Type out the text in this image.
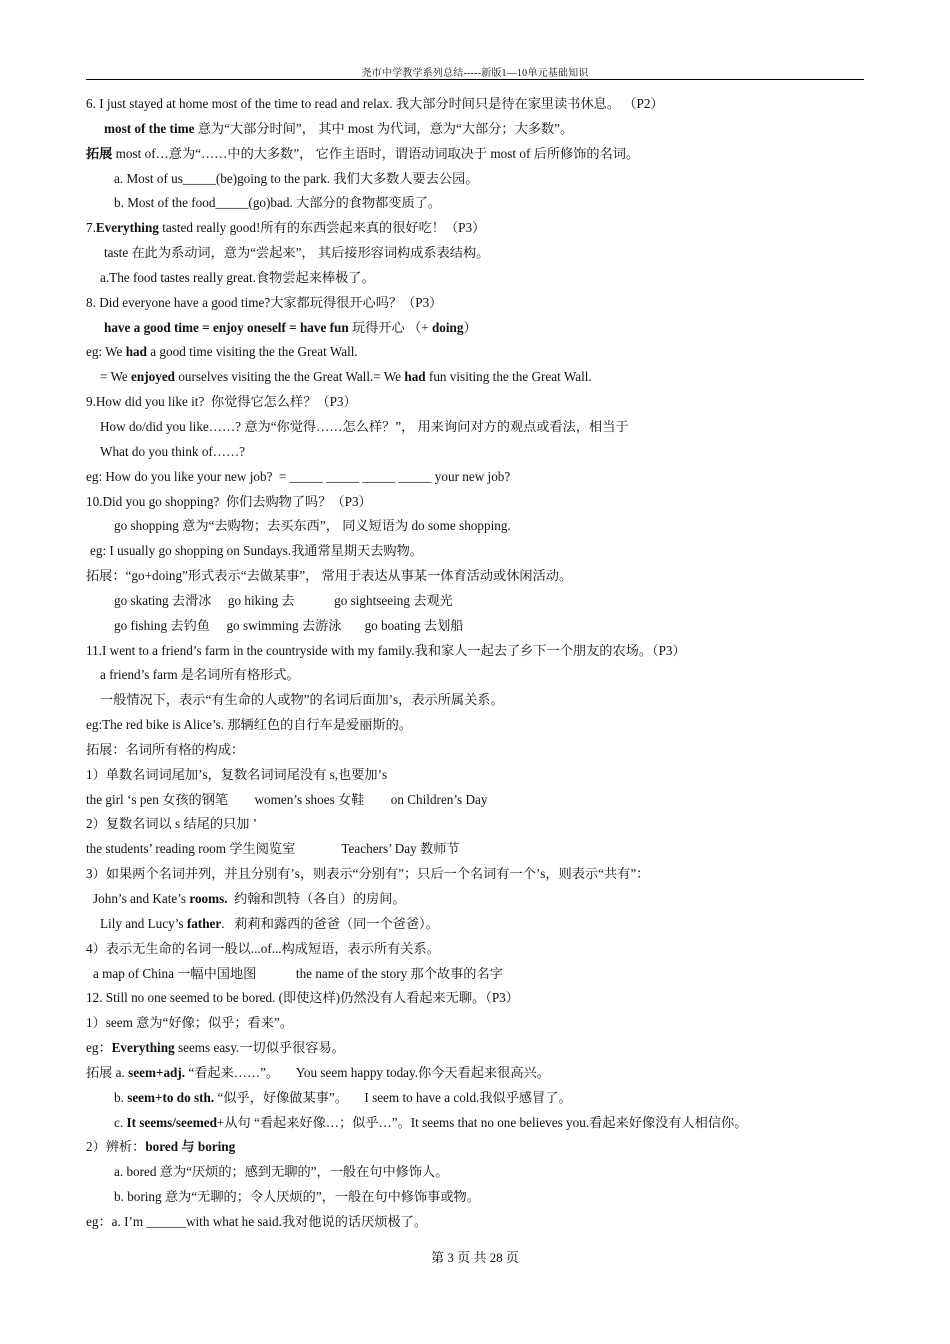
尧市中学教学系列总结-----新版1—10单元基础知识
6. I just stayed at home most of the time to read and relax. 我大部分时间只是待在家里读书休息。 （P2）
most of the time 意为“大部分时间”， 其中 most 为代词，意为“大部分；大多数”。
拓展 most of…意为“……中的大多数”， 它作主语时，谓语动词取决于 most of 后所修饰的名词。
a. Most of us_____(be)going to the park. 我们大多数人要去公园。
b. Most of the food_____(go)bad. 大部分的食物都变质了。
7.Everything tasted really good!所有的东西尝起来真的很好吃！（P3）
taste 在此为系动词，意为“尝起来”， 其后接形容词构成系表结构。
a.The food tastes really great.食物尝起来棒极了。
8. Did everyone have a good time?大家都玩得很开心吗？（P3）
have a good time = enjoy oneself = have fun 玩得开心 （+ doing）
eg: We had a good time visiting the the Great Wall.
= We enjoyed ourselves visiting the the Great Wall.= We had fun visiting the the Great Wall.
9.How did you like it?  你觉得它怎么样？（P3）
How do/did you like……? 意为“你觉得……怎么样？”， 用来询问对方的观点或看法，相当于
What do you think of……?
eg: How do you like your new job?  = _____ _____ _____ _____ your new job?
10.Did you go shopping?  你们去购物了吗？（P3）
go shopping 意为“去购物；去买东西”， 同义短语为 do some shopping.
eg: I usually go shopping on Sundays.我通常星期天去购物。
拓展：“go+doing”形式表示“去做某事”， 常用于表达从事某一体育活动或休闲活动。
go skating 去滑冰     go hiking 去            go sightseeing 去观光
go fishing 去钓鱼     go swimming 去游泳       go boating 去划船
11.I went to a friend’s farm in the countryside with my family.我和家人一起去了乡下一个朋友的农场。（P3）
a friend’s farm 是名词所有格形式。
一般情况下，表示“有生命的人或物”的名词后面加’s，表示所属关系。
eg:The red bike is Alice’s. 那辆红色的自行车是爱丽斯的。
拓展：名词所有格的构成：
1）单数名词词尾加’s，复数名词词尾没有 s,也要加’s
the girl ‘s pen 女孩的钢笔        women’s shoes 女鞋        on Children’s Day
2）复数名词以 s 结尾的只加 ’
the students’ reading room 学生阅览室              Teachers’ Day 教师节
3）如果两个名词并列，并且分别有’s，则表示“分别有”；只后一个名词有一个’s，则表示“共有”：
John’s and Kate’s rooms.  约翰和凯特（各自）的房间。
Lily and Lucy’s father.   莉莉和露西的爸爸（同一个爸爸）。
4）表示无生命的名词一般以...of...构成短语，表示所有关系。
a map of China 一幅中国地图            the name of the story 那个故事的名字
12. Still no one seemed to be bored. (即使这样)仍然没有人看起来无聊。（P3）
1）seem 意为“好像；似乎；看来”。
eg：Everything seems easy.一切似乎很容易。
拓展 a. seem+adj. “看起来……”。     You seem happy today.你今天看起来很高兴。
b. seem+to do sth. “似乎，好像做某事”。     I seem to have a cold.我似乎感冒了。
c. It seems/seemed+从句 “看起来好像…；似乎…”。It seems that no one believes you.看起来好像没有人相信你。
2）辨析：bored 与 boring
a. bored 意为“厌烦的；感到无聊的”，一般在句中修饰人。
b. boring 意为“无聊的；令人厌烦的”，一般在句中修饰事或物。
eg：a. I’m ______with what he said.我对他说的话厌烦极了。
第 3 页 共 28 页
